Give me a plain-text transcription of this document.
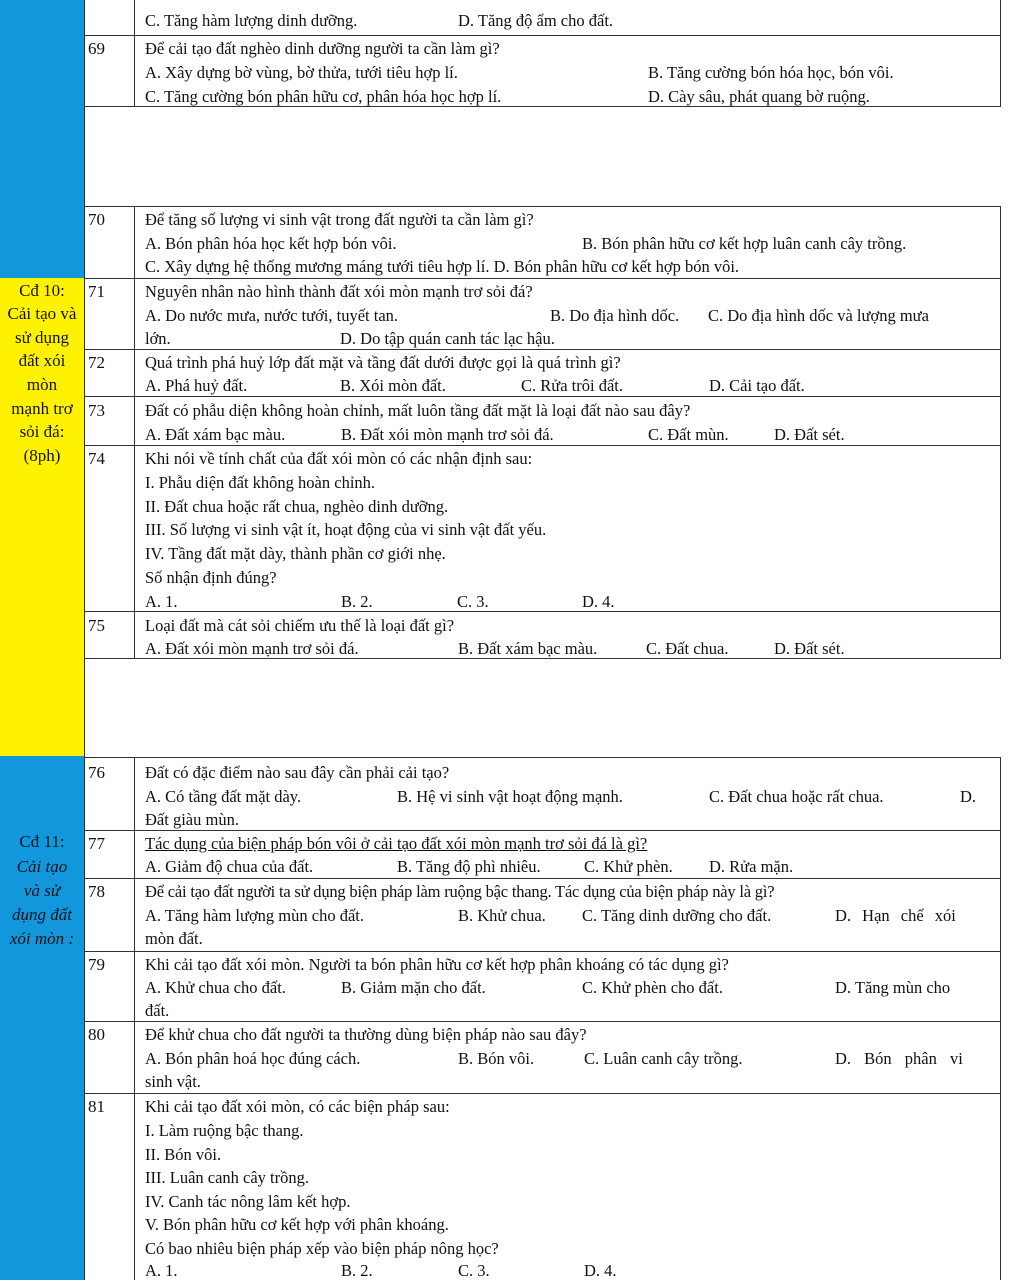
Cđ 10:
Cải tạo và
sử dụng
đất xói
mòn
mạnh trơ
sỏi đá:
(8ph)
Cđ 11:
Cải tạo
và sử
dụng đất
xói mòn :
C. Tăng hàm lượng dinh dưỡng.	D. Tăng độ ẩm cho đất.
69	Để cải tạo đất nghèo dinh dưỡng người ta cần làm gì?
A. Xây dựng bờ vùng, bờ thửa, tưới tiêu hợp lí.	B. Tăng cường bón hóa học, bón vôi.
C. Tăng cường bón phân hữu cơ, phân hóa học hợp lí.	D. Cày sâu, phát quang bờ ruộng.
70	Để tăng số lượng vi sinh vật trong đất người ta cần làm gì?
A. Bón phân hóa học kết hợp bón vôi.	B. Bón phân hữu cơ kết hợp luân canh cây trồng.
C. Xây dựng hệ thống mương máng tưới tiêu hợp lí. D. Bón phân hữu cơ kết hợp bón vôi.
71	Nguyên nhân nào hình thành đất xói mòn mạnh trơ sỏi đá?
A. Do nước mưa, nước tưới, tuyết tan.	B. Do địa hình dốc. C. Do địa hình dốc và lượng mưa
lớn.	D. Do tập quán canh tác lạc hậu.
72	Quá trình phá huỷ lớp đất mặt và tầng đất dưới được gọi là quá trình gì?
A. Phá huỷ đất.	B. Xói mòn đất.	C. Rửa trôi đất.	D. Cải tạo đất.
73	Đất có phẫu diện không hoàn chỉnh, mất luôn tầng đất mặt là loại đất nào sau đây?
A. Đất xám bạc màu.	B. Đất xói mòn mạnh trơ sỏi đá.	C. Đất mùn.	D. Đất sét.
74	Khi nói về tính chất của đất xói mòn có các nhận định sau:
I. Phẫu diện đất không hoàn chỉnh.
II. Đất chua hoặc rất chua, nghèo dinh dưỡng.
III. Số lượng vi sinh vật ít, hoạt động của vi sinh vật đất yếu.
IV. Tầng đất mặt dày, thành phần cơ giới nhẹ.
Số nhận định đúng?
A. 1.	B. 2.	C. 3.	D. 4.
75	Loại đất mà cát sỏi chiếm ưu thế là loại đất gì?
A. Đất xói mòn mạnh trơ sỏi đá.	B. Đất xám bạc màu.	C. Đất chua.	D. Đất sét.
76	Đất có đặc điểm nào sau đây cần phải cải tạo?
A. Có tầng đất mặt dày.	B. Hệ vi sinh vật hoạt động mạnh.	C. Đất chua hoặc rất chua.	D.
Đất giàu mùn.
77	Tác dụng của biện pháp bón vôi ở cải tạo đất xói mòn mạnh trơ sỏi đá là gì?
A. Giảm độ chua của đất.	B. Tăng độ phì nhiêu.	C. Khử phèn. D. Rửa mặn.
78	Để cải tạo đất người ta sử dụng biện pháp làm ruộng bậc thang. Tác dụng của biện pháp này là gì?
A. Tăng hàm lượng mùn cho đất.	B. Khử chua. C. Tăng dinh dưỡng cho đất.	D. Hạn chế xói
mòn đất.
79	Khi cải tạo đất xói mòn. Người ta bón phân hữu cơ kết hợp phân khoáng có tác dụng gì?
A. Khử chua cho đất.	B. Giảm mặn cho đất.	C. Khử phèn cho đất.	D. Tăng mùn cho
đất.
80	Để khử chua cho đất người ta thường dùng biện pháp nào sau đây?
A. Bón phân hoá học đúng cách.	B. Bón vôi.	C. Luân canh cây trồng.	D. Bón phân vi
sinh vật.
81	Khi cải tạo đất xói mòn, có các biện pháp sau:
I. Làm ruộng bậc thang.
II. Bón vôi.
III. Luân canh cây trồng.
IV. Canh tác nông lâm kết hợp.
V. Bón phân hữu cơ kết hợp với phân khoáng.
Có bao nhiêu biện pháp xếp vào biện pháp nông học?
A. 1.	B. 2.	C. 3.	D. 4.
